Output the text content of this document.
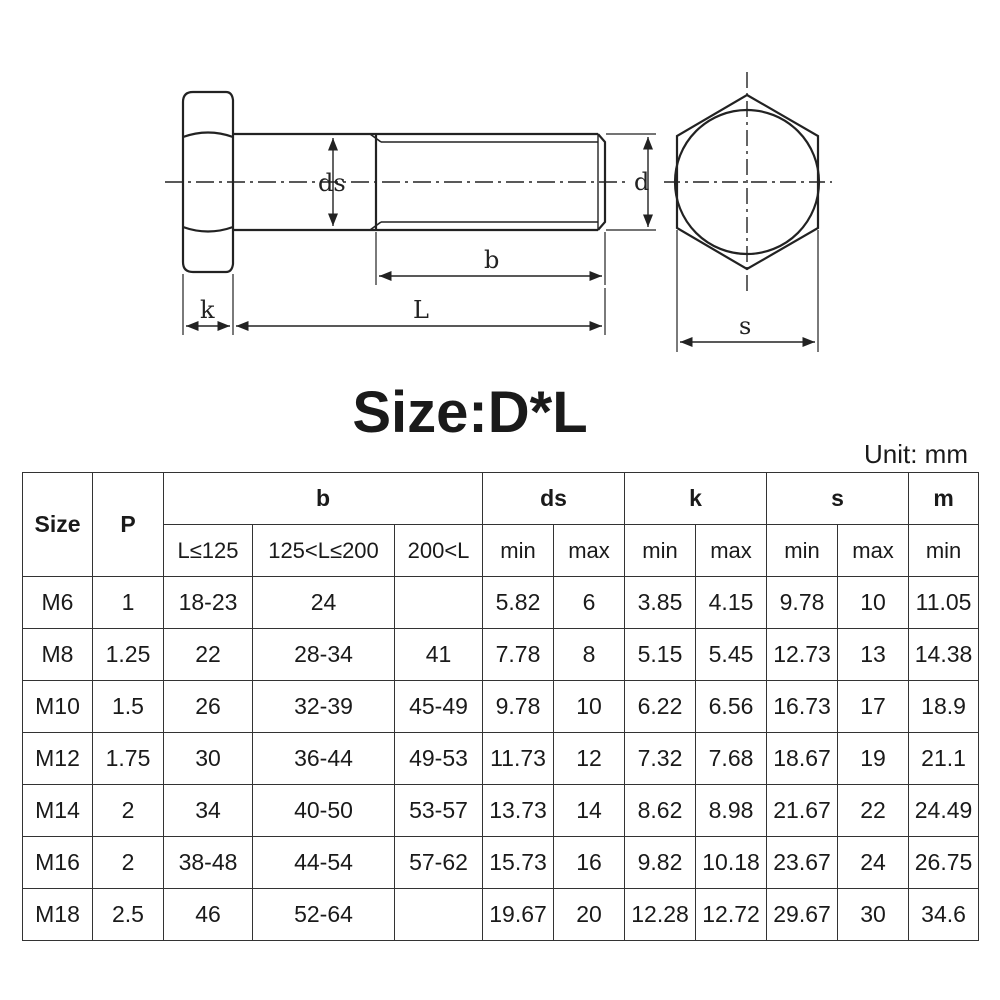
ds	d
b
k	L
s
Size:D*L
Unit: mm
Size	P	b			ds		k		s		m
		L≤125	125<L≤200	200<L	min	max	min	max	min	max	min
M6	1	18-23	24		5.82	6	3.85	4.15	9.78	10	11.05
M8	1.25	22	28-34	41	7.78	8	5.15	5.45	12.73	13	14.38
M10	1.5	26	32-39	45-49	9.78	10	6.22	6.56	16.73	17	18.9
M12	1.75	30	36-44	49-53	11.73	12	7.32	7.68	18.67	19	21.1
M14	2	34	40-50	53-57	13.73	14	8.62	8.98	21.67	22	24.49
M16	2	38-48	44-54	57-62	15.73	16	9.82	10.18	23.67	24	26.75
M18	2.5	46	52-64		19.67	20	12.28	12.72	29.67	30	34.6
